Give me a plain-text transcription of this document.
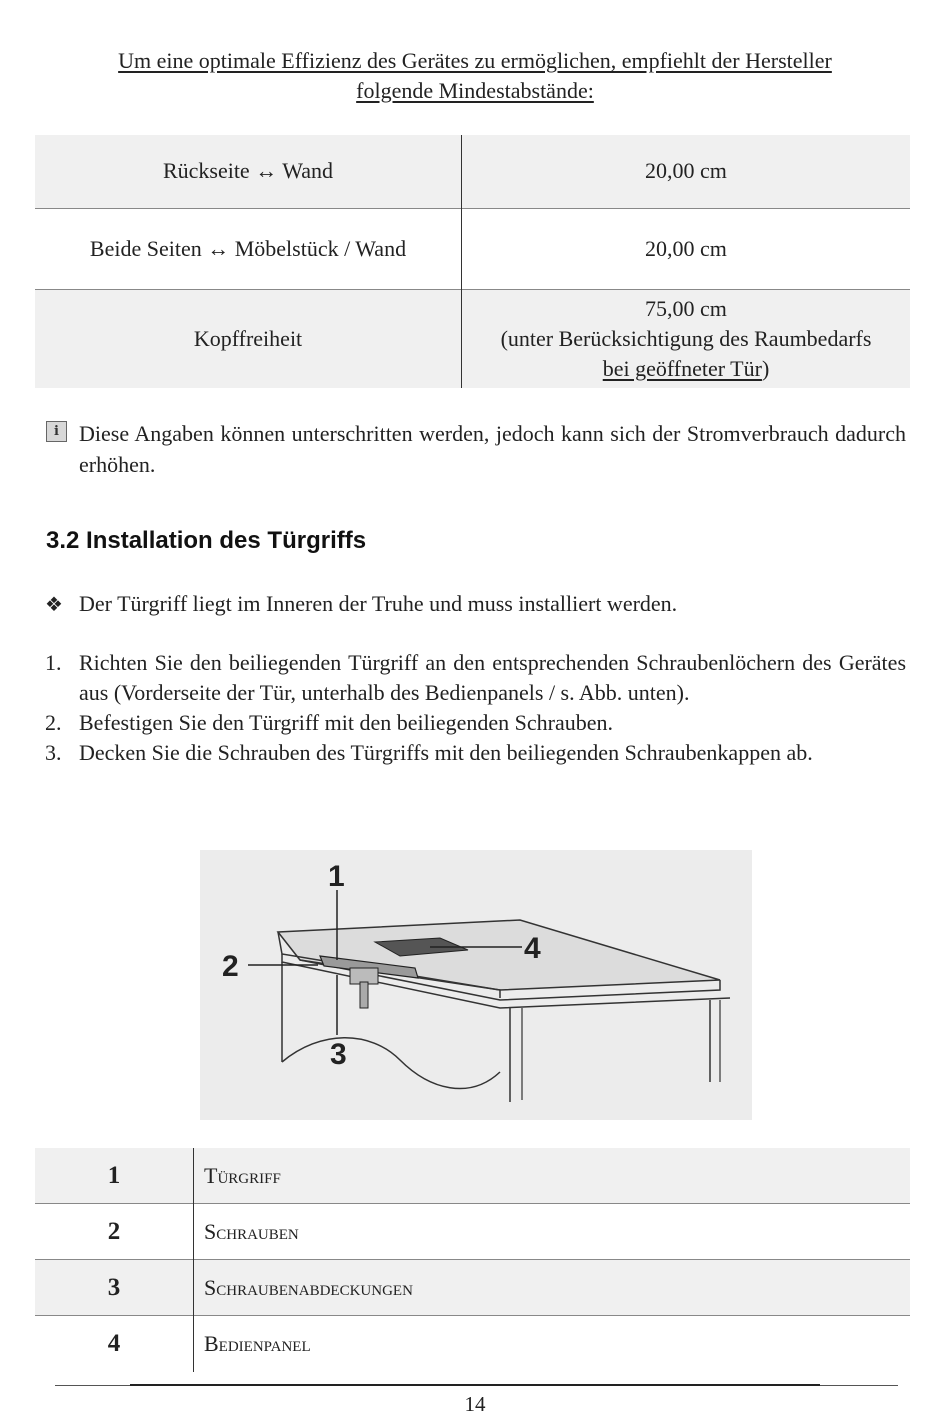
Um eine optimale Effizienz des Gerätes zu ermöglichen, empfiehlt der Hersteller
folgende Mindestabstände:
Rückseite ↔ Wand	20,00 cm
Beide Seiten ↔ Möbelstück / Wand	20,00 cm
Kopffreiheit	75,00 cm
(unter Berücksichtigung des Raumbedarfs
bei geöffneter Tür)
i Diese Angaben können unterschritten werden, jedoch kann sich der Stromverbrauch dadurch erhöhen.
3.2 Installation des Türgriffs
❖ Der Türgriff liegt im Inneren der Truhe und muss installiert werden.
1. Richten Sie den beiliegenden Türgriff an den entsprechenden Schraubenlöchern des Gerätes aus (Vorderseite der Tür, unterhalb des Bedienpanels / s. Abb. unten).
2. Befestigen Sie den Türgriff mit den beiliegenden Schrauben.
3. Decken Sie die Schrauben des Türgriffs mit den beiliegenden Schraubenkappen ab.
1
2
3
4
1	Türgriff
2	Schrauben
3	Schraubenabdeckungen
4	Bedienpanel
14
